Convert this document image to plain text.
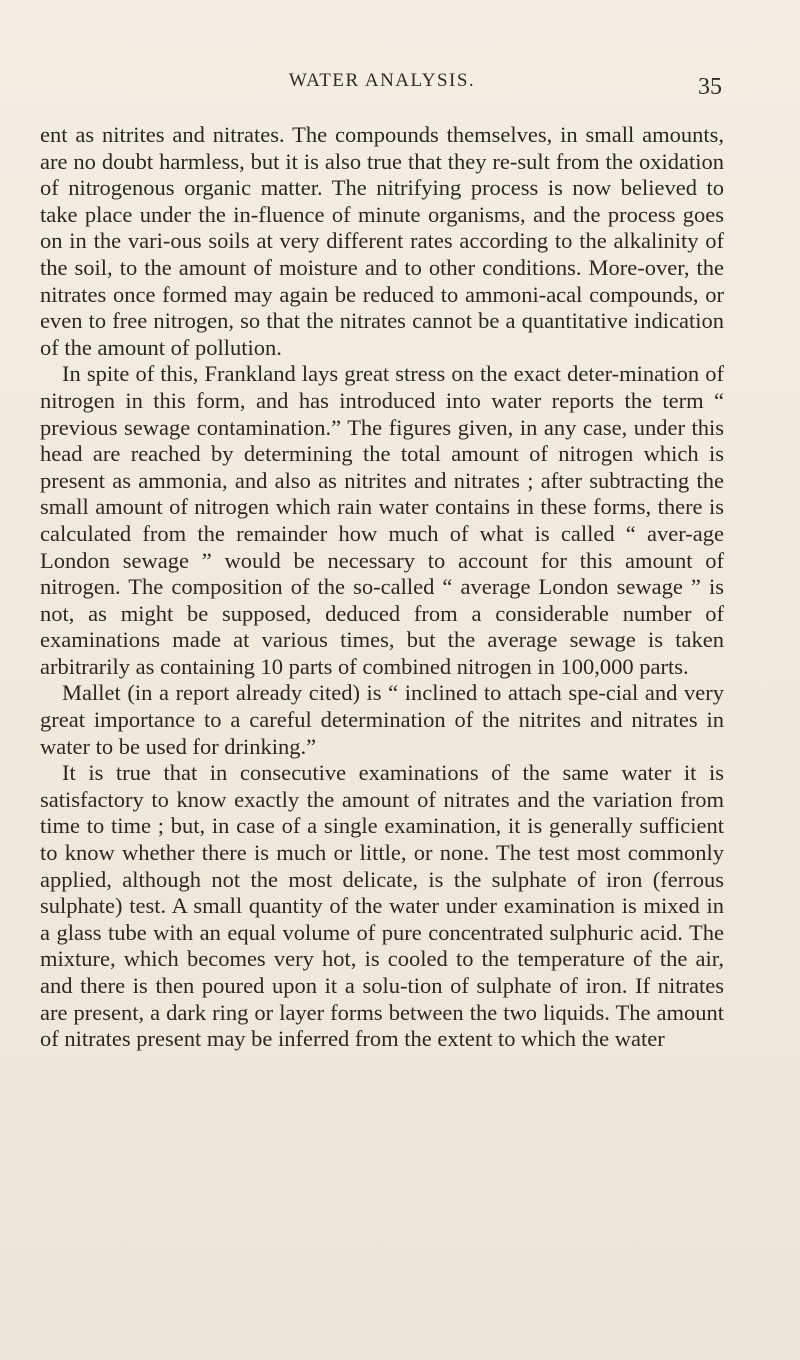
WATER ANALYSIS.	35

ent as nitrites and nitrates. The compounds themselves, in small amounts, are no doubt harmless, but it is also true that they re-sult from the oxidation of nitrogenous organic matter. The nitrifying process is now believed to take place under the in-fluence of minute organisms, and the process goes on in the vari-ous soils at very different rates according to the alkalinity of the soil, to the amount of moisture and to other conditions. More-over, the nitrates once formed may again be reduced to ammoni-acal compounds, or even to free nitrogen, so that the nitrates cannot be a quantitative indication of the amount of pollution.

In spite of this, Frankland lays great stress on the exact deter-mination of nitrogen in this form, and has introduced into water reports the term “ previous sewage contamination.” The figures given, in any case, under this head are reached by determining the total amount of nitrogen which is present as ammonia, and also as nitrites and nitrates ; after subtracting the small amount of nitrogen which rain water contains in these forms, there is calculated from the remainder how much of what is called “ aver-age London sewage ” would be necessary to account for this amount of nitrogen. The composition of the so-called “ average London sewage ” is not, as might be supposed, deduced from a considerable number of examinations made at various times, but the average sewage is taken arbitrarily as containing 10 parts of combined nitrogen in 100,000 parts.

Mallet (in a report already cited) is “ inclined to attach spe-cial and very great importance to a careful determination of the nitrites and nitrates in water to be used for drinking.”

It is true that in consecutive examinations of the same water it is satisfactory to know exactly the amount of nitrates and the variation from time to time ; but, in case of a single examination, it is generally sufficient to know whether there is much or little, or none. The test most commonly applied, although not the most delicate, is the sulphate of iron (ferrous sulphate) test. A small quantity of the water under examination is mixed in a glass tube with an equal volume of pure concentrated sulphuric acid. The mixture, which becomes very hot, is cooled to the temperature of the air, and there is then poured upon it a solu-tion of sulphate of iron. If nitrates are present, a dark ring or layer forms between the two liquids. The amount of nitrates present may be inferred from the extent to which the water
